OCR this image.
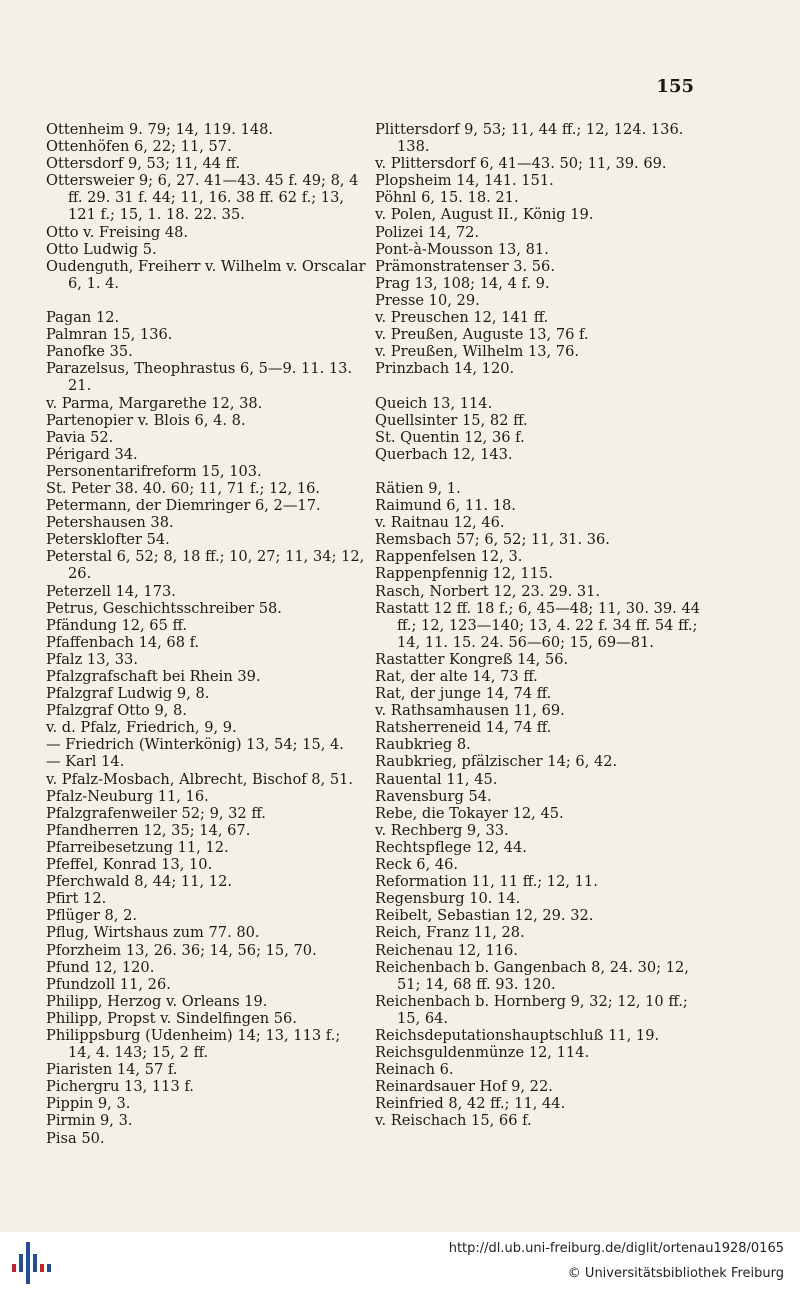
155
Ottenheim 9. 79; 14, 119. 148.
Ottenhöfen 6, 22; 11, 57.
Ottersdorf 9, 53; 11, 44 ff.
Ottersweier 9; 6, 27. 41—43. 45 f. 49; 8, 4 ff. 29. 31 f. 44; 11, 16. 38 ff. 62 f.; 13, 121 f.; 15, 1. 18. 22. 35.
Otto v. Freising 48.
Otto Ludwig 5.
Oudenguth, Freiherr v. Wilhelm v. Orscalar 6, 1. 4.
Pagan 12.
Palmran 15, 136.
Panofke 35.
Parazelsus, Theophrastus 6, 5—9. 11. 13. 21.
v. Parma, Margarethe 12, 38.
Partenopier v. Blois 6, 4. 8.
Pavia 52.
Périgard 34.
Personentarifreform 15, 103.
St. Peter 38. 40. 60; 11, 71 f.; 12, 16.
Petermann, der Diemringer 6, 2—17.
Petershausen 38.
Petersklofter 54.
Peterstal 6, 52; 8, 18 ff.; 10, 27; 11, 34; 12, 26.
Peterzell 14, 173.
Petrus, Geschichtsschreiber 58.
Pfändung 12, 65 ff.
Pfaffenbach 14, 68 f.
Pfalz 13, 33.
Pfalzgrafschaft bei Rhein 39.
Pfalzgraf Ludwig 9, 8.
Pfalzgraf Otto 9, 8.
v. d. Pfalz, Friedrich, 9, 9.
— Friedrich (Winterkönig) 13, 54; 15, 4.
— Karl 14.
v. Pfalz-Mosbach, Albrecht, Bischof 8, 51.
Pfalz-Neuburg 11, 16.
Pfalzgrafenweiler 52; 9, 32 ff.
Pfandherren 12, 35; 14, 67.
Pfarreibesetzung 11, 12.
Pfeffel, Konrad 13, 10.
Pferchwald 8, 44; 11, 12.
Pfirt 12.
Pflüger 8, 2.
Pflug, Wirtshaus zum 77. 80.
Pforzheim 13, 26. 36; 14, 56; 15, 70.
Pfund 12, 120.
Pfundzoll 11, 26.
Philipp, Herzog v. Orleans 19.
Philipp, Propst v. Sindelfingen 56.
Philippsburg (Udenheim) 14; 13, 113 f.; 14, 4. 143; 15, 2 ff.
Piaristen 14, 57 f.
Pichergru 13, 113 f.
Pippin 9, 3.
Pirmin 9, 3.
Pisa 50.
Plittersdorf 9, 53; 11, 44 ff.; 12, 124. 136. 138.
v. Plittersdorf 6, 41—43. 50; 11, 39. 69.
Plopsheim 14, 141. 151.
Pöhnl 6, 15. 18. 21.
v. Polen, August II., König 19.
Polizei 14, 72.
Pont-à-Mousson 13, 81.
Prämonstratenser 3. 56.
Prag 13, 108; 14, 4 f. 9.
Presse 10, 29.
v. Preuschen 12, 141 ff.
v. Preußen, Auguste 13, 76 f.
v. Preußen, Wilhelm 13, 76.
Prinzbach 14, 120.
Queich 13, 114.
Quellsinter 15, 82 ff.
St. Quentin 12, 36 f.
Querbach 12, 143.
Rätien 9, 1.
Raimund 6, 11. 18.
v. Raitnau 12, 46.
Remsbach 57; 6, 52; 11, 31. 36.
Rappenfelsen 12, 3.
Rappenpfennig 12, 115.
Rasch, Norbert 12, 23. 29. 31.
Rastatt 12 ff. 18 f.; 6, 45—48; 11, 30. 39. 44 ff.; 12, 123—140; 13, 4. 22 f. 34 ff. 54 ff.; 14, 11. 15. 24. 56—60; 15, 69—81.
Rastatter Kongreß 14, 56.
Rat, der alte 14, 73 ff.
Rat, der junge 14, 74 ff.
v. Rathsamhausen 11, 69.
Ratsherreneid 14, 74 ff.
Raubkrieg 8.
Raubkrieg, pfälzischer 14; 6, 42.
Rauental 11, 45.
Ravensburg 54.
Rebe, die Tokayer 12, 45.
v. Rechberg 9, 33.
Rechtspflege 12, 44.
Reck 6, 46.
Reformation 11, 11 ff.; 12, 11.
Regensburg 10. 14.
Reibelt, Sebastian 12, 29. 32.
Reich, Franz 11, 28.
Reichenau 12, 116.
Reichenbach b. Gangenbach 8, 24. 30; 12, 51; 14, 68 ff. 93. 120.
Reichenbach b. Hornberg 9, 32; 12, 10 ff.; 15, 64.
Reichsdeputationshauptschluß 11, 19.
Reichsguldenmünze 12, 114.
Reinach 6.
Reinardsauer Hof 9, 22.
Reinfried 8, 42 ff.; 11, 44.
v. Reischach 15, 66 f.
http://dl.ub.uni-freiburg.de/diglit/ortenau1928/0165
© Universitätsbibliothek Freiburg
